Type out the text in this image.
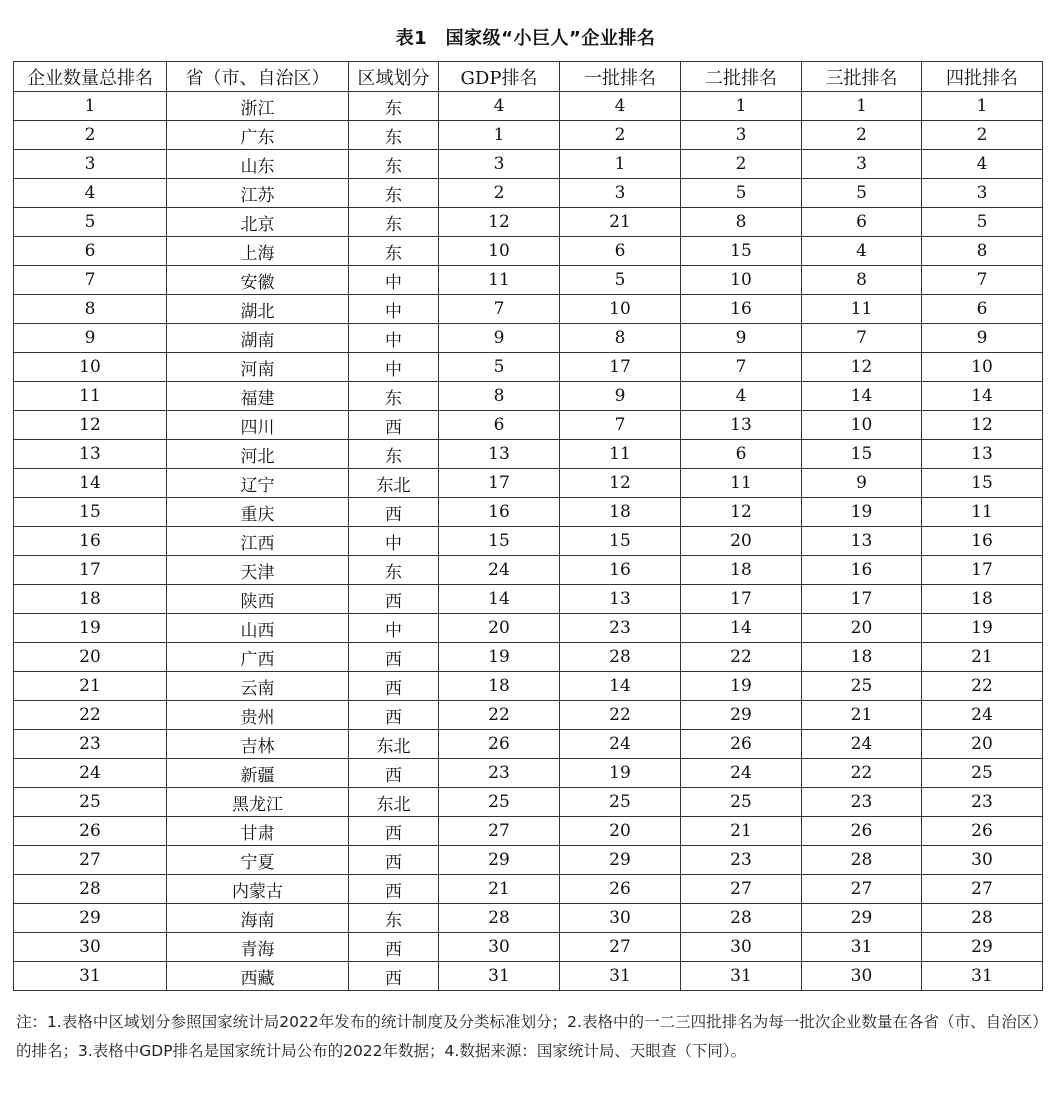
表1　国家级“小巨人”企业排名
企业数量总排名	省（市、自治区）	区域划分	GDP排名	一批排名	二批排名	三批排名	四批排名
1	浙江	东	4	4	1	1	1
2	广东	东	1	2	3	2	2
3	山东	东	3	1	2	3	4
4	江苏	东	2	3	5	5	3
5	北京	东	12	21	8	6	5
6	上海	东	10	6	15	4	8
7	安徽	中	11	5	10	8	7
8	湖北	中	7	10	16	11	6
9	湖南	中	9	8	9	7	9
10	河南	中	5	17	7	12	10
11	福建	东	8	9	4	14	14
12	四川	西	6	7	13	10	12
13	河北	东	13	11	6	15	13
14	辽宁	东北	17	12	11	9	15
15	重庆	西	16	18	12	19	11
16	江西	中	15	15	20	13	16
17	天津	东	24	16	18	16	17
18	陕西	西	14	13	17	17	18
19	山西	中	20	23	14	20	19
20	广西	西	19	28	22	18	21
21	云南	西	18	14	19	25	22
22	贵州	西	22	22	29	21	24
23	吉林	东北	26	24	26	24	20
24	新疆	西	23	19	24	22	25
25	黑龙江	东北	25	25	25	23	23
26	甘肃	西	27	20	21	26	26
27	宁夏	西	29	29	23	28	30
28	内蒙古	西	21	26	27	27	27
29	海南	东	28	30	28	29	28
30	青海	西	30	27	30	31	29
31	西藏	西	31	31	31	30	31
注：1.表格中区域划分参照国家统计局2022年发布的统计制度及分类标准划分；2.表格中的一二三四批排名为每一批次企业数量在各省（市、自治区）的排名；3.表格中GDP排名是国家统计局公布的2022年数据；4.数据来源：国家统计局、天眼查（下同）。
